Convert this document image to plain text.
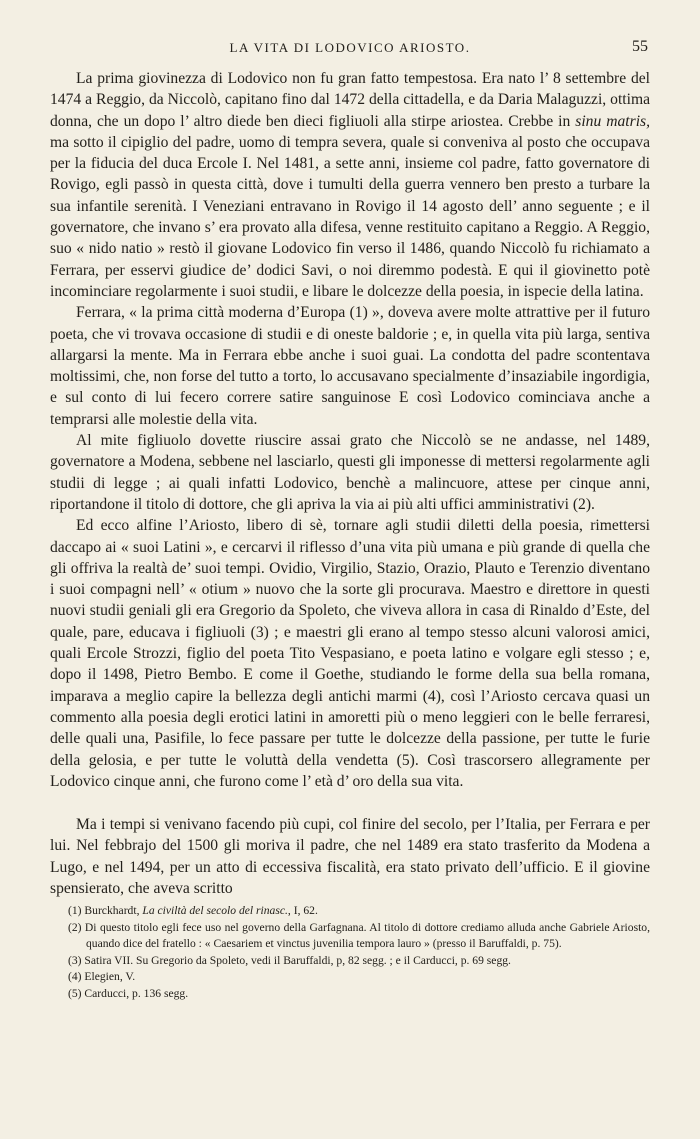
LA VITA DI LODOVICO ARIOSTO.	55

La prima giovinezza di Lodovico non fu gran fatto tempestosa. Era nato l’ 8 settembre del 1474 a Reggio, da Niccolò, capitano fino dal 1472 della cittadella, e da Daria Malaguzzi, ottima donna, che un dopo l’ altro diede ben dieci figliuoli alla stirpe ariostea. Crebbe in sinu matris, ma sotto il cipiglio del padre, uomo di tempra severa, quale si conveniva al posto che occupava per la fiducia del duca Ercole I. Nel 1481, a sette anni, insieme col padre, fatto governatore di Rovigo, egli passò in questa città, dove i tumulti della guerra vennero ben presto a turbare la sua infantile serenità. I Veneziani entravano in Rovigo il 14 agosto dell’ anno seguente ; e il governatore, che invano s’ era provato alla difesa, venne restituito capitano a Reggio. A Reggio, suo « nido natio » restò il giovane Lodovico fin verso il 1486, quando Niccolò fu richiamato a Ferrara, per esservi giudice de’ dodici Savi, o noi diremmo podestà. E qui il giovinetto potè incominciare regolarmente i suoi studii, e libare le dolcezze della poesia, in ispecie della latina.

Ferrara, « la prima città moderna d’Europa (1) », doveva avere molte attrattive per il futuro poeta, che vi trovava occasione di studii e di oneste baldorie ; e, in quella vita più larga, sentiva allargarsi la mente. Ma in Ferrara ebbe anche i suoi guai. La condotta del padre scontentava moltissimi, che, non forse del tutto a torto, lo accusavano specialmente d’insaziabile ingordigia, e sul conto di lui fecero correre satire sanguinose E così Lodovico cominciava anche a temprarsi alle molestie della vita.

Al mite figliuolo dovette riuscire assai grato che Niccolò se ne andasse, nel 1489, governatore a Modena, sebbene nel lasciarlo, questi gli imponesse di mettersi regolarmente agli studii di legge ; ai quali infatti Lodovico, benchè a malincuore, attese per cinque anni, riportandone il titolo di dottore, che gli apriva la via ai più alti uffici amministrativi (2).

Ed ecco alfine l’Ariosto, libero di sè, tornare agli studii diletti della poesia, rimettersi daccapo ai « suoi Latini », e cercarvi il riflesso d’una vita più umana e più grande di quella che gli offriva la realtà de’ suoi tempi. Ovidio, Virgilio, Stazio, Orazio, Plauto e Terenzio diventano i suoi compagni nell’ « otium » nuovo che la sorte gli procurava. Maestro e direttore in questi nuovi studii geniali gli era Gregorio da Spoleto, che viveva allora in casa di Rinaldo d’Este, del quale, pare, educava i figliuoli (3) ; e maestri gli erano al tempo stesso alcuni valorosi amici, quali Ercole Strozzi, figlio del poeta Tito Vespasiano, e poeta latino e volgare egli stesso ; e, dopo il 1498, Pietro Bembo. E come il Goethe, studiando le forme della sua bella romana, imparava a meglio capire la bellezza degli antichi marmi (4), così l’Ariosto cercava quasi un commento alla poesia degli erotici latini in amoretti più o meno leggieri con le belle ferraresi, delle quali una, Pasifile, lo fece passare per tutte le dolcezze della passione, per tutte le furie della gelosia, e per tutte le voluttà della vendetta (5). Così trascorsero allegramente per Lodovico cinque anni, che furono come l’ età d’ oro della sua vita.

Ma i tempi si venivano facendo più cupi, col finire del secolo, per l’Italia, per Ferrara e per lui. Nel febbrajo del 1500 gli moriva il padre, che nel 1489 era stato trasferito da Modena a Lugo, e nel 1494, per un atto di eccessiva fiscalità, era stato privato dell’ufficio. E il giovine spensierato, che aveva scritto

(1) Burckhardt, La civiltà del secolo del rinasc., I, 62.

(2) Di questo titolo egli fece uso nel governo della Garfagnana. Al titolo di dottore crediamo alluda anche Gabriele Ariosto, quando dice del fratello : « Caesariem et vinctus juvenilia tempora lauro » (presso il Baruffaldi, p. 75).

(3) Satira VII. Su Gregorio da Spoleto, vedi il Baruffaldi, p, 82 segg. ; e il Carducci, p. 69 segg.

(4) Elegien, V.

(5) Carducci, p. 136 segg.
